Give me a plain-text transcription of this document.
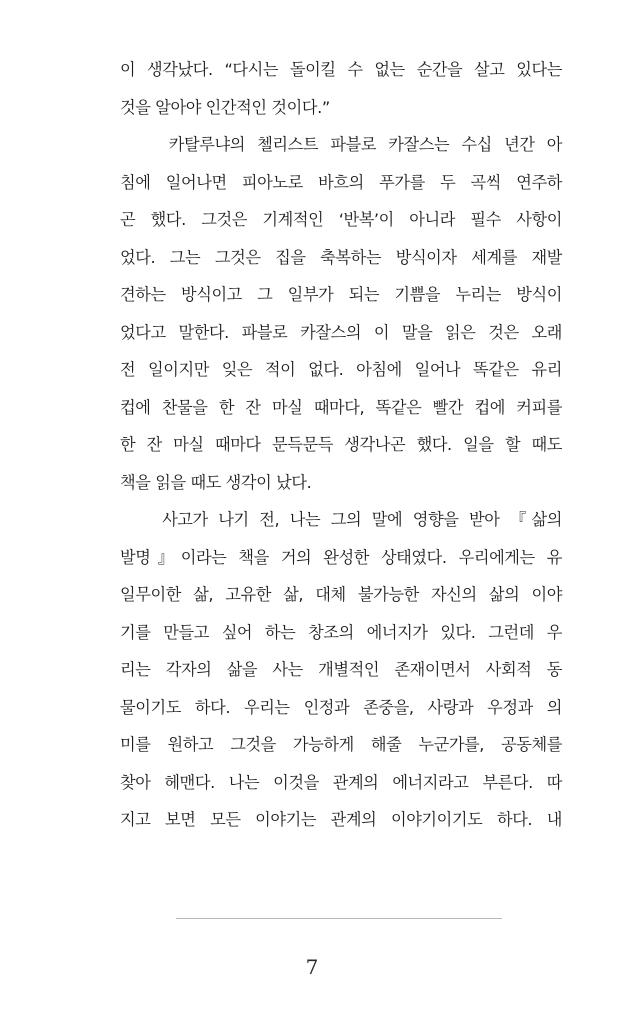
이 생각났다. “다시는 돌이킬 수 없는 순간을 살고 있다는
것을 알아야 인간적인 것이다.”
카탈루냐의 첼리스트 파블로 카잘스는 수십 년간 아
침에 일어나면 피아노로 바흐의 푸가를 두 곡씩 연주하
곤 했다. 그것은 기계적인 ‘반복’이 아니라 필수 사항이
었다. 그는 그것은 집을 축복하는 방식이자 세계를 재발
견하는 방식이고 그 일부가 되는 기쁨을 누리는 방식이
었다고 말한다. 파블로 카잘스의 이 말을 읽은 것은 오래
전 일이지만 잊은 적이 없다. 아침에 일어나 똑같은 유리
컵에 찬물을 한 잔 마실 때마다, 똑같은 빨간 컵에 커피를
한 잔 마실 때마다 문득문득 생각나곤 했다. 일을 할 때도
책을 읽을 때도 생각이 났다.
사고가 나기 전, 나는 그의 말에 영향을 받아 『삶의
발명』이라는 책을 거의 완성한 상태였다. 우리에게는 유
일무이한 삶, 고유한 삶, 대체 불가능한 자신의 삶의 이야
기를 만들고 싶어 하는 창조의 에너지가 있다. 그런데 우
리는 각자의 삶을 사는 개별적인 존재이면서 사회적 동
물이기도 하다. 우리는 인정과 존중을, 사랑과 우정과 의
미를 원하고 그것을 가능하게 해줄 누군가를, 공동체를
찾아 헤맨다. 나는 이것을 관계의 에너지라고 부른다. 따
지고 보면 모든 이야기는 관계의 이야기이기도 하다. 내
7
